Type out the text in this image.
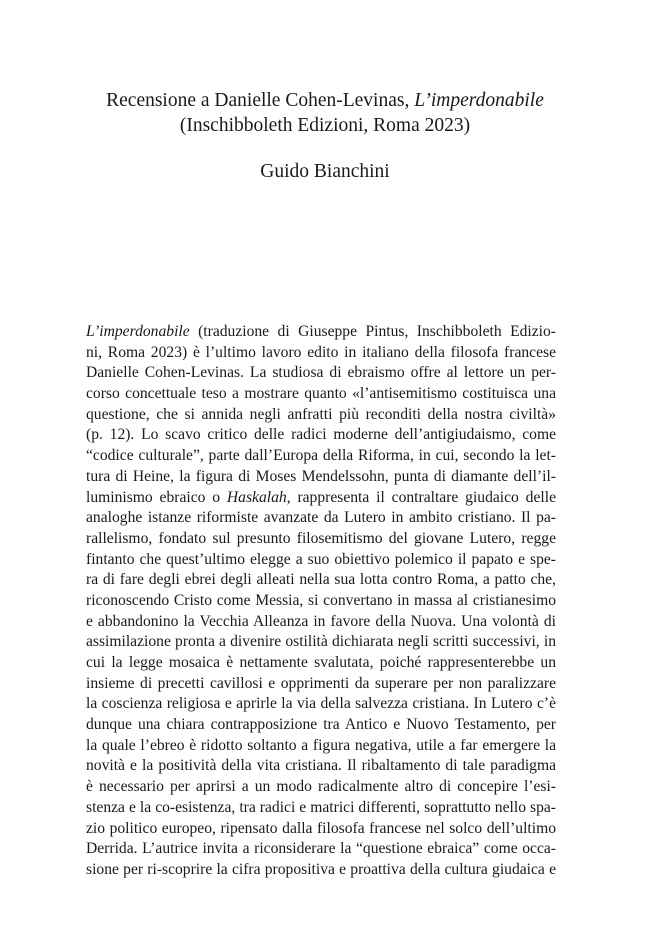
Recensione a Danielle Cohen-Levinas, L’imperdonabile

(Inschibboleth Edizioni, Roma 2023)

Guido Bianchini

L’imperdonabile (traduzione di Giuseppe Pintus, Inschibboleth Edizio-
ni, Roma 2023) è l’ultimo lavoro edito in italiano della filosofa francese
Danielle Cohen-Levinas. La studiosa di ebraismo offre al lettore un per-
corso concettuale teso a mostrare quanto «l’antisemitismo costituisca una
questione, che si annida negli anfratti più reconditi della nostra civiltà»
(p. 12). Lo scavo critico delle radici moderne dell’antigiudaismo, come
“codice culturale”, parte dall’Europa della Riforma, in cui, secondo la let-
tura di Heine, la figura di Moses Mendelssohn, punta di diamante dell’il-
luminismo ebraico o Haskalah, rappresenta il contraltare giudaico delle
analoghe istanze riformiste avanzate da Lutero in ambito cristiano. Il pa-
rallelismo, fondato sul presunto filosemitismo del giovane Lutero, regge
fintanto che quest’ultimo elegge a suo obiettivo polemico il papato e spe-
ra di fare degli ebrei degli alleati nella sua lotta contro Roma, a patto che,
riconoscendo Cristo come Messia, si convertano in massa al cristianesimo
e abbandonino la Vecchia Alleanza in favore della Nuova. Una volontà di
assimilazione pronta a divenire ostilità dichiarata negli scritti successivi, in
cui la legge mosaica è nettamente svalutata, poiché rappresenterebbe un
insieme di precetti cavillosi e opprimenti da superare per non paralizzare
la coscienza religiosa e aprirle la via della salvezza cristiana. In Lutero c’è
dunque una chiara contrapposizione tra Antico e Nuovo Testamento, per
la quale l’ebreo è ridotto soltanto a figura negativa, utile a far emergere la
novità e la positività della vita cristiana. Il ribaltamento di tale paradigma
è necessario per aprirsi a un modo radicalmente altro di concepire l’esi-
stenza e la co-esistenza, tra radici e matrici differenti, soprattutto nello spa-
zio politico europeo, ripensato dalla filosofa francese nel solco dell’ultimo
Derrida. L’autrice invita a riconsiderare la “questione ebraica” come occa-
sione per ri-scoprire la cifra propositiva e proattiva della cultura giudaica e
